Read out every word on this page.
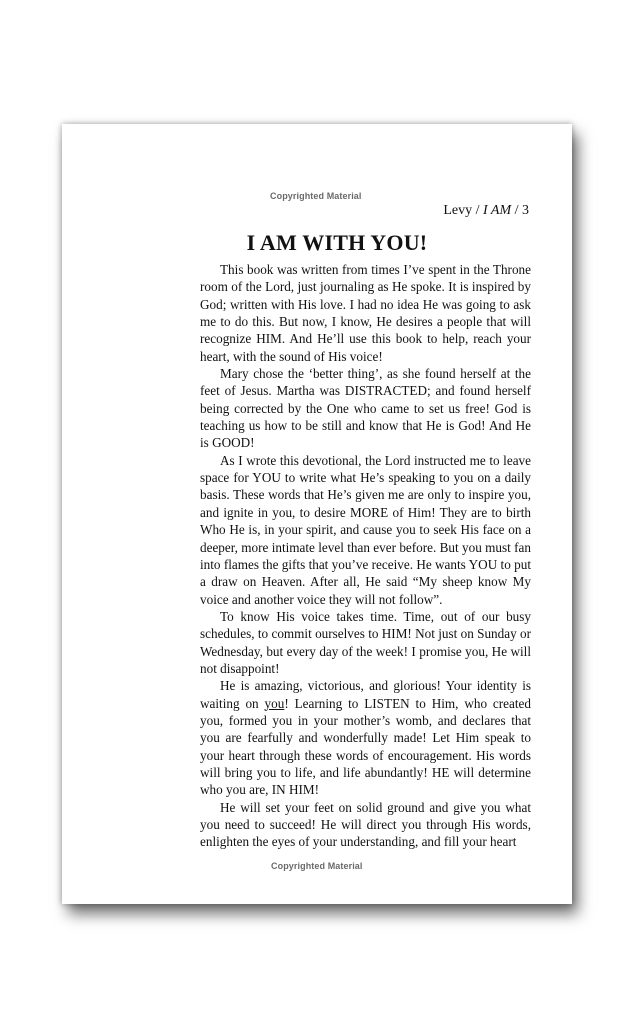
Copyrighted Material
Levy / I AM / 3
I AM WITH YOU!

This book was written from times I’ve spent in the Throne room of the Lord, just journaling as He spoke. It is inspired by God; written with His love. I had no idea He was going to ask me to do this. But now, I know, He desires a people that will recognize HIM. And He’ll use this book to help, reach your heart, with the sound of His voice!

Mary chose the ‘better thing’, as she found herself at the feet of Jesus. Martha was DISTRACTED; and found herself being corrected by the One who came to set us free! God is teaching us how to be still and know that He is God! And He is GOOD!

As I wrote this devotional, the Lord instructed me to leave space for YOU to write what He’s speaking to you on a daily basis. These words that He’s given me are only to inspire you, and ignite in you, to desire MORE of Him! They are to birth Who He is, in your spirit, and cause you to seek His face on a deeper, more intimate level than ever before. But you must fan into flames the gifts that you’ve receive. He wants YOU to put a draw on Heaven. After all, He said “My sheep know My voice and another voice they will not follow”.

To know His voice takes time. Time, out of our busy schedules, to commit ourselves to HIM! Not just on Sunday or Wednesday, but every day of the week! I promise you, He will not disappoint!

He is amazing, victorious, and glorious! Your identity is waiting on you! Learning to LISTEN to Him, who created you, formed you in your mother’s womb, and declares that you are fearfully and wonderfully made! Let Him speak to your heart through these words of encouragement. His words will bring you to life, and life abundantly! HE will determine who you are, IN HIM!

He will set your feet on solid ground and give you what you need to succeed! He will direct you through His words, enlighten the eyes of your understanding, and fill your heart

Copyrighted Material
